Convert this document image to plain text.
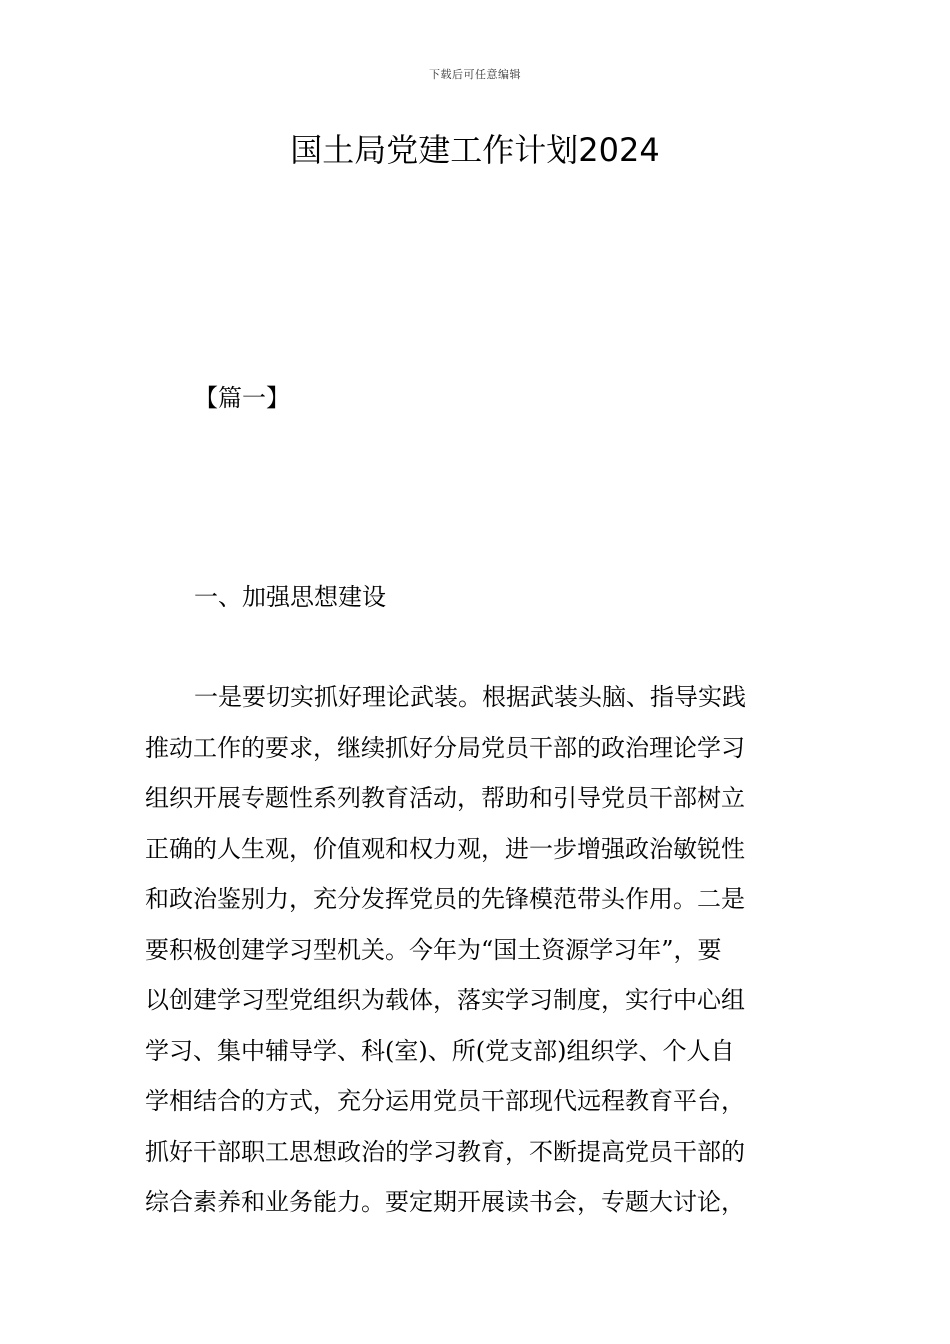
下载后可任意编辑
国土局党建工作计划2024
【篇一】
一、加强思想建设
一是要切实抓好理论武装。根据武装头脑、指导实践
推动工作的要求，继续抓好分局党员干部的政治理论学习
组织开展专题性系列教育活动，帮助和引导党员干部树立
正确的人生观，价值观和权力观，进一步增强政治敏锐性
和政治鉴别力，充分发挥党员的先锋模范带头作用。二是
要积极创建学习型机关。今年为“国土资源学习年”，要
以创建学习型党组织为载体，落实学习制度，实行中心组
学习、集中辅导学、科(室)、所(党支部)组织学、个人自
学相结合的方式，充分运用党员干部现代远程教育平台，
抓好干部职工思想政治的学习教育，不断提高党员干部的
综合素养和业务能力。要定期开展读书会，专题大讨论，
